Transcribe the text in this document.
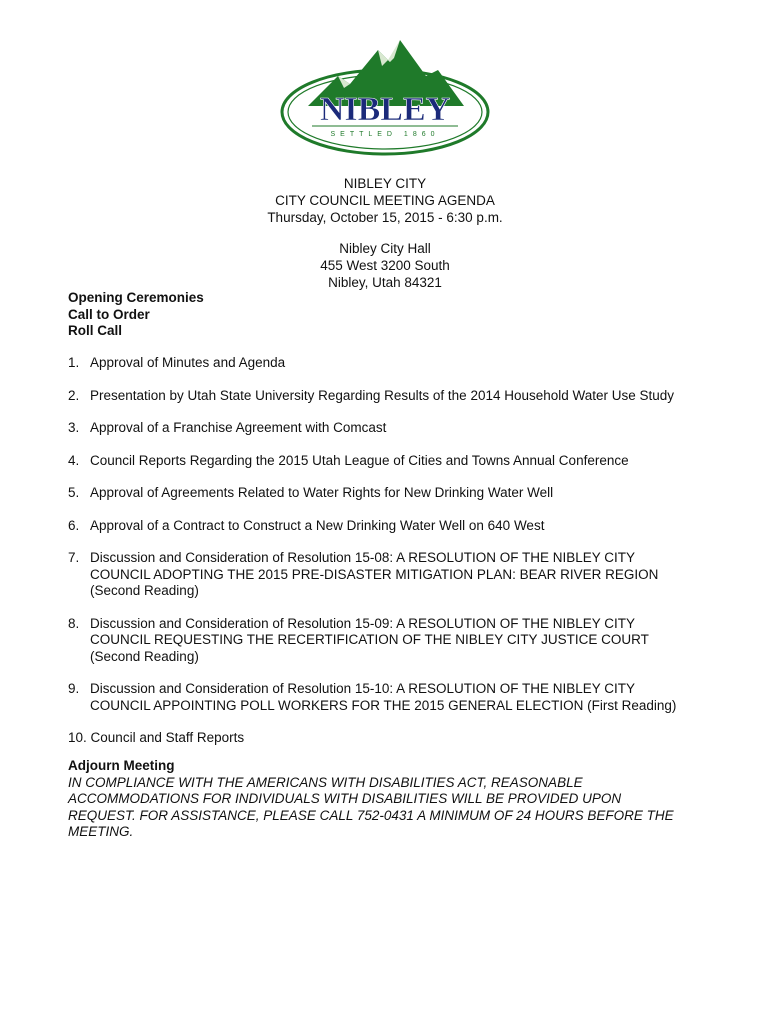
NIBLEY
SETTLED 1860
NIBLEY CITY
CITY COUNCIL MEETING AGENDA
Thursday, October 15, 2015 - 6:30 p.m.
Nibley City Hall
455 West 3200 South
Nibley, Utah 84321
Opening Ceremonies
Call to Order
Roll Call
1. Approval of Minutes and Agenda
2. Presentation by Utah State University Regarding Results of the 2014 Household Water Use Study
3. Approval of a Franchise Agreement with Comcast
4. Council Reports Regarding the 2015 Utah League of Cities and Towns Annual Conference
5. Approval of Agreements Related to Water Rights for New Drinking Water Well
6. Approval of a Contract to Construct a New Drinking Water Well on 640 West
7. Discussion and Consideration of Resolution 15-08: A RESOLUTION OF THE NIBLEY CITY
COUNCIL ADOPTING THE 2015 PRE-DISASTER MITIGATION PLAN: BEAR RIVER REGION
(Second Reading)
8. Discussion and Consideration of Resolution 15-09: A RESOLUTION OF THE NIBLEY CITY
COUNCIL REQUESTING THE RECERTIFICATION OF THE NIBLEY CITY JUSTICE COURT
(Second Reading)
9. Discussion and Consideration of Resolution 15-10: A RESOLUTION OF THE NIBLEY CITY
COUNCIL APPOINTING POLL WORKERS FOR THE 2015 GENERAL ELECTION (First Reading)
10. Council and Staff Reports
Adjourn Meeting
IN COMPLIANCE WITH THE AMERICANS WITH DISABILITIES ACT, REASONABLE
ACCOMMODATIONS FOR INDIVIDUALS WITH DISABILITIES WILL BE PROVIDED UPON
REQUEST. FOR ASSISTANCE, PLEASE CALL 752-0431 A MINIMUM OF 24 HOURS BEFORE THE
MEETING.
